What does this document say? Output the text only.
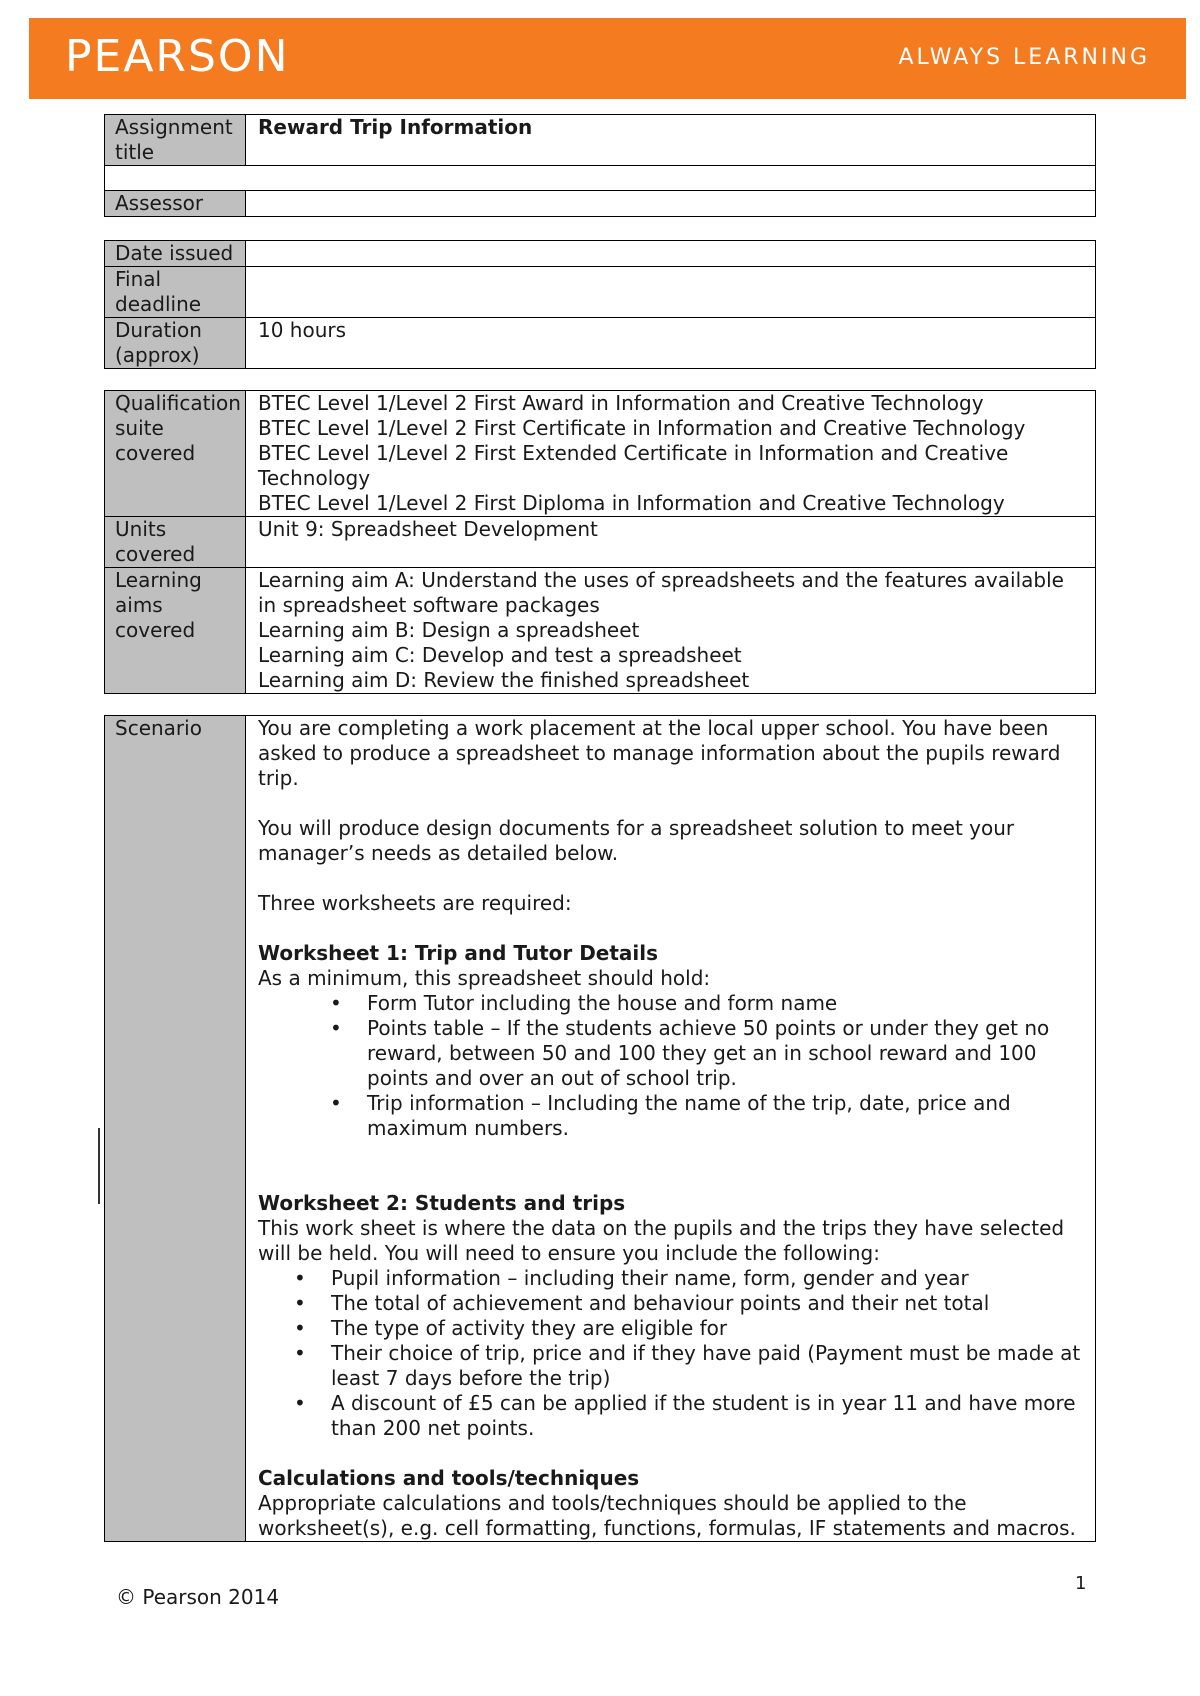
PEARSON	ALWAYS LEARNING
Assignment title	Reward Trip Information

Assessor	
Date issued	
Final deadline	
Duration (approx)	10 hours
Qualification suite covered	BTEC Level 1/Level 2 First Award in Information and Creative Technology
BTEC Level 1/Level 2 First Certificate in Information and Creative Technology
BTEC Level 1/Level 2 First Extended Certificate in Information and Creative Technology
BTEC Level 1/Level 2 First Diploma in Information and Creative Technology

Units covered	Unit 9: Spreadsheet Development
Learning aims covered	Learning aim A: Understand the uses of spreadsheets and the features available in spreadsheet software packages
Learning aim B: Design a spreadsheet
Learning aim C: Develop and test a spreadsheet
Learning aim D: Review the finished spreadsheet
Scenario	You are completing a work placement at the local upper school. You have been asked to produce a spreadsheet to manage information about the pupils reward trip.

You will produce design documents for a spreadsheet solution to meet your manager’s needs as detailed below.

Three worksheets are required:

Worksheet 1: Trip and Tutor Details

As a minimum, this spreadsheet should hold:

• Form Tutor including the house and form name
• Points table – If the students achieve 50 points or under they get no reward, between 50 and 100 they get an in school reward and 100 points and over an out of school trip.
• Trip information – Including the name of the trip, date, price and maximum numbers.

Worksheet 2: Students and trips

This work sheet is where the data on the pupils and the trips they have selected will be held. You will need to ensure you include the following:

• Pupil information – including their name, form, gender and year
• The total of achievement and behaviour points and their net total
• The type of activity they are eligible for
• Their choice of trip, price and if they have paid (Payment must be made at least 7 days before the trip)
• A discount of £5 can be applied if the student is in year 11 and have more than 200 net points.

Calculations and tools/techniques

Appropriate calculations and tools/techniques should be applied to the worksheet(s), e.g. cell formatting, functions, formulas, IF statements and macros.

© Pearson 2014
1
